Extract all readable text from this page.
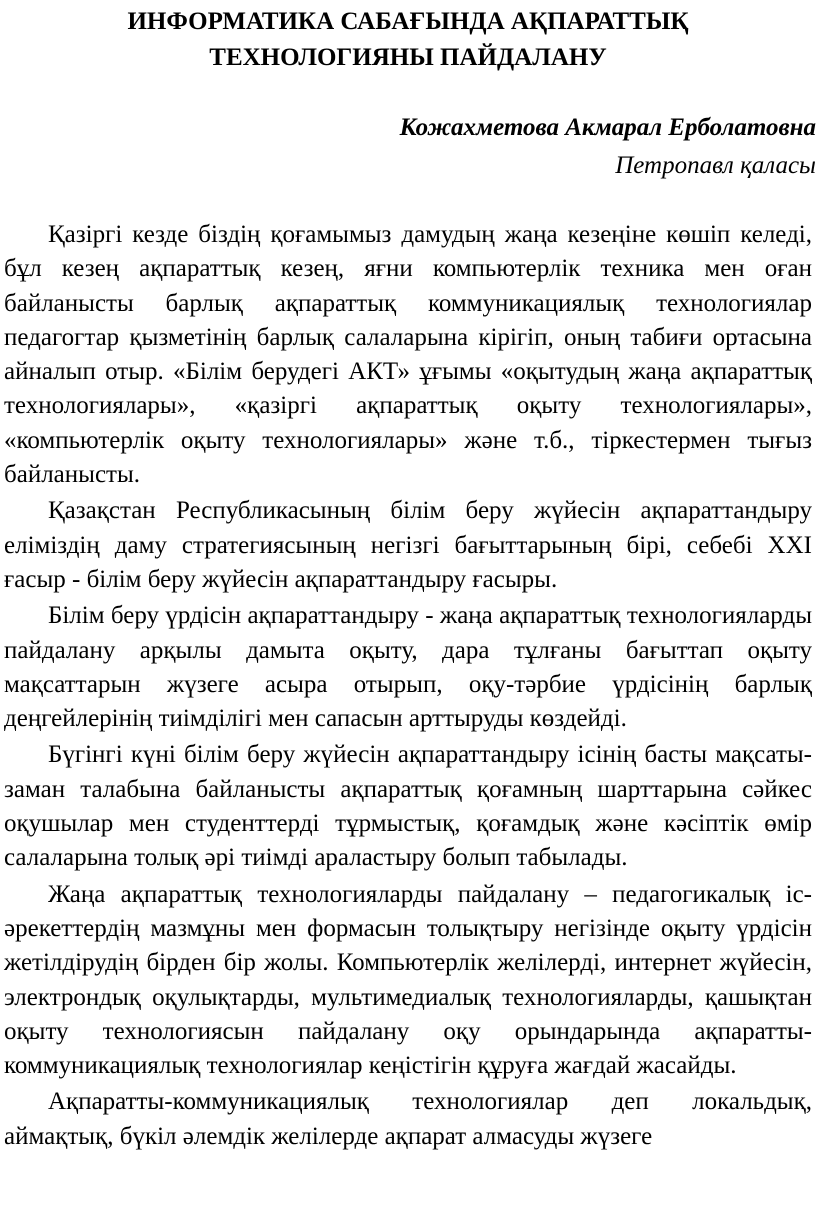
ИНФОРМАТИКА САБАҒЫНДА АҚПАРАТТЫҚ
ТЕХНОЛОГИЯНЫ ПАЙДАЛАНУ

Кожахметова Акмарал Ерболатовна

Петропавл қаласы

Қазіргі кезде біздің қоғамымыз дамудың жаңа кезеңіне көшіп келеді, бұл кезең ақпараттық кезең, яғни компьютерлік техника мен оған байланысты барлық ақпараттық коммуникациялық технологиялар педагогтар қызметінің барлық салаларына кірігіп, оның табиғи ортасына айналып отыр. «Білім берудегі АКТ» ұғымы «оқытудың жаңа ақпараттық технологиялары», «қазіргі ақпараттық оқыту технологиялары», «компьютерлік оқыту технологиялары» және т.б., тіркестермен тығыз байланысты.

Қазақстан Республикасының білім беру жүйесін ақпараттандыру еліміздің даму стратегиясының негізгі бағыттарының бірі, себебі ХХІ ғасыр - білім беру жүйесін ақпараттандыру ғасыры.

Білім беру үрдісін ақпараттандыру - жаңа ақпараттық технологияларды пайдалану арқылы дамыта оқыту, дара тұлғаны бағыттап оқыту мақсаттарын жүзеге асыра отырып, оқу-тәрбие үрдісінің барлық деңгейлерінің тиімділігі мен сапасын арттыруды көздейді.

Бүгінгі күні білім беру жүйесін ақпараттандыру ісінің басты мақсаты- заман талабына байланысты ақпараттық қоғамның шарттарына сәйкес оқушылар мен студенттерді тұрмыстық, қоғамдық және кәсіптік өмір салаларына толық әрі тиімді араластыру болып табылады.

Жаңа ақпараттық технологияларды пайдалану – педагогикалық іс-әрекеттердің мазмұны мен формасын толықтыру негізінде оқыту үрдісін жетілдірудің бірден бір жолы. Компьютерлік желілерді, интернет жүйесін, электрондық оқулықтарды, мультимедиалық технологияларды, қашықтан оқыту технологиясын пайдалану оқу орындарында ақпаратты-коммуникациялық технологиялар кеңістігін құруға жағдай жасайды.

Ақпаратты-коммуникациялық технологиялар деп локальдық, аймақтық, бүкіл әлемдік желілерде ақпарат алмасуды жүзеге
